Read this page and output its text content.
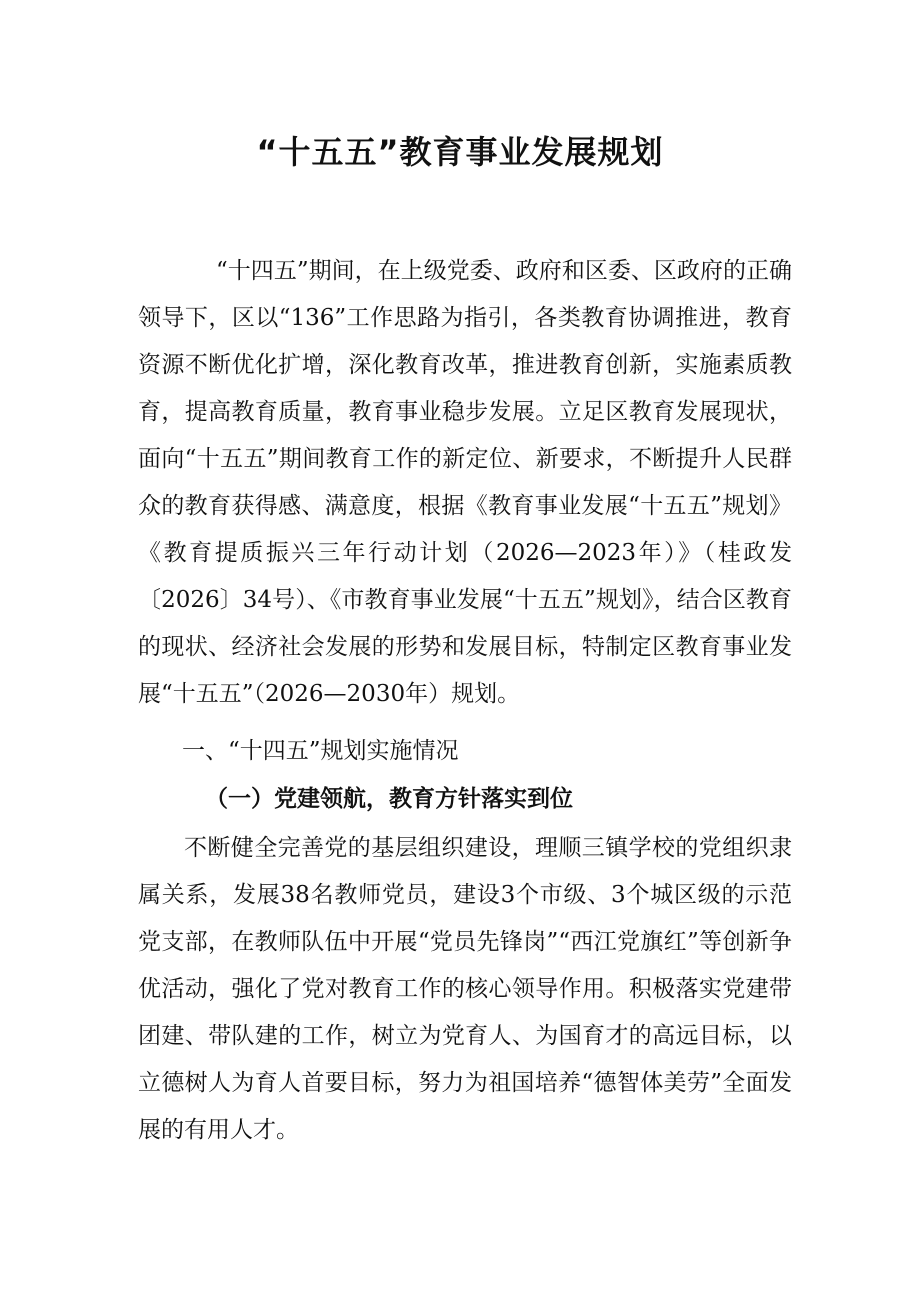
“十五五”教育事业发展规划

“十四五”期间，在上级党委、政府和区委、区政府的正确领导下，区以“136”工作思路为指引，各类教育协调推进，教育资源不断优化扩增，深化教育改革，推进教育创新，实施素质教育，提高教育质量，教育事业稳步发展。立足区教育发展现状，面向“十五五”期间教育工作的新定位、新要求，不断提升人民群众的教育获得感、满意度，根据《教育事业发展“十五五”规划》《教育提质振兴三年行动计划（2026—2023年）》（桂政发〔2026〕34号）、《市教育事业发展“十五五”规划》，结合区教育的现状、经济社会发展的形势和发展目标，特制定区教育事业发展“十五五”（2026—2030年）规划。

一、“十四五”规划实施情况

（一）党建领航，教育方针落实到位

不断健全完善党的基层组织建设，理顺三镇学校的党组织隶属关系，发展38名教师党员，建设3个市级、3个城区级的示范党支部，在教师队伍中开展“党员先锋岗”“西江党旗红”等创新争优活动，强化了党对教育工作的核心领导作用。积极落实党建带团建、带队建的工作，树立为党育人、为国育才的高远目标，以立德树人为育人首要目标，努力为祖国培养“德智体美劳”全面发展的有用人才。
